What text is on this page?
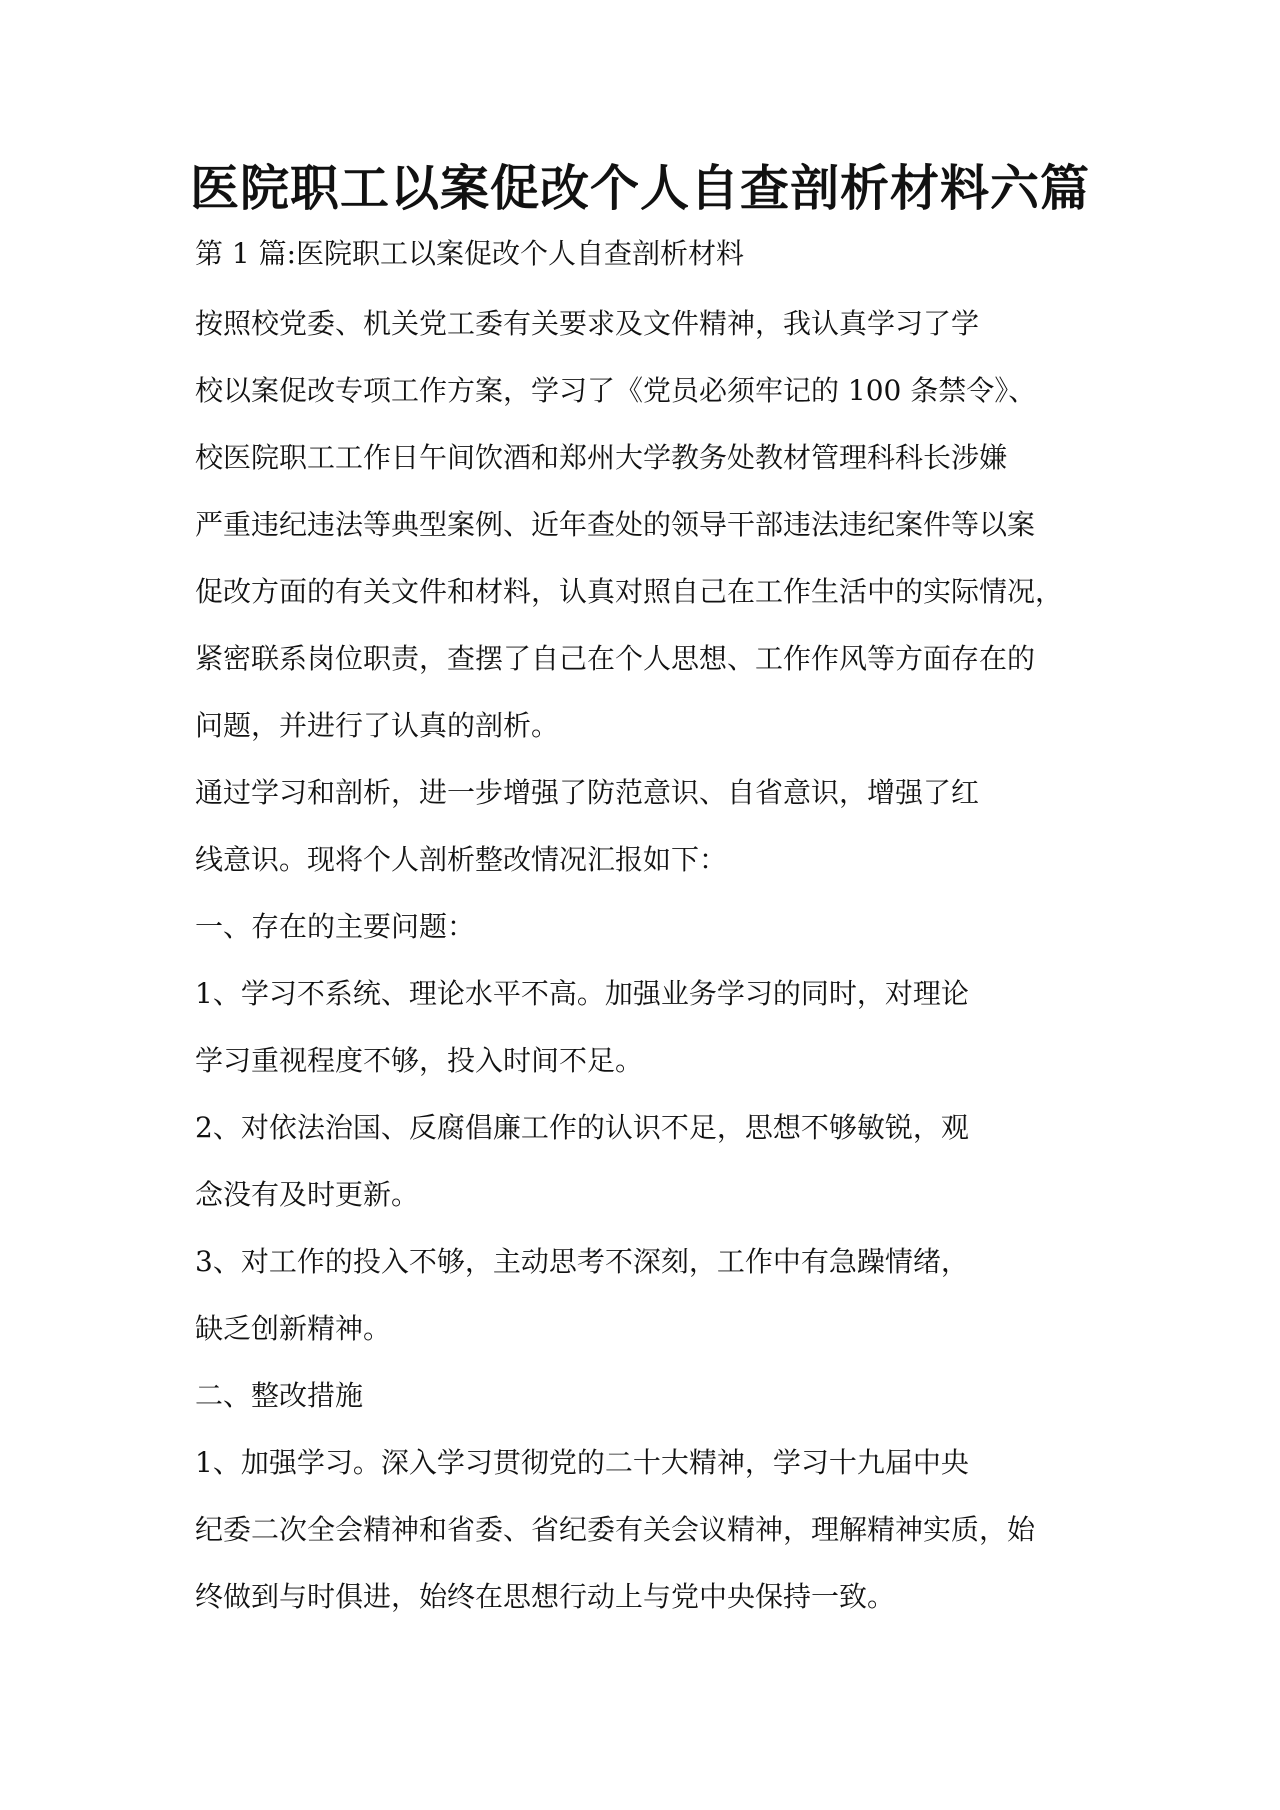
医院职工以案促改个人自查剖析材料六篇

第 1 篇:医院职工以案促改个人自查剖析材料

按照校党委、机关党工委有关要求及文件精神，我认真学习了学

校以案促改专项工作方案，学习了《党员必须牢记的 100 条禁令》、

校医院职工工作日午间饮酒和郑州大学教务处教材管理科科长涉嫌

严重违纪违法等典型案例、近年查处的领导干部违法违纪案件等以案

促改方面的有关文件和材料，认真对照自己在工作生活中的实际情况，

紧密联系岗位职责，查摆了自己在个人思想、工作作风等方面存在的

问题，并进行了认真的剖析。

通过学习和剖析，进一步增强了防范意识、自省意识，增强了红

线意识。现将个人剖析整改情况汇报如下：

一、存在的主要问题：

1、学习不系统、理论水平不高。加强业务学习的同时，对理论

学习重视程度不够，投入时间不足。

2、对依法治国、反腐倡廉工作的认识不足，思想不够敏锐，观

念没有及时更新。

3、对工作的投入不够，主动思考不深刻，工作中有急躁情绪，

缺乏创新精神。

二、整改措施

1、加强学习。深入学习贯彻党的二十大精神，学习十九届中央

纪委二次全会精神和省委、省纪委有关会议精神，理解精神实质，始

终做到与时俱进，始终在思想行动上与党中央保持一致。
